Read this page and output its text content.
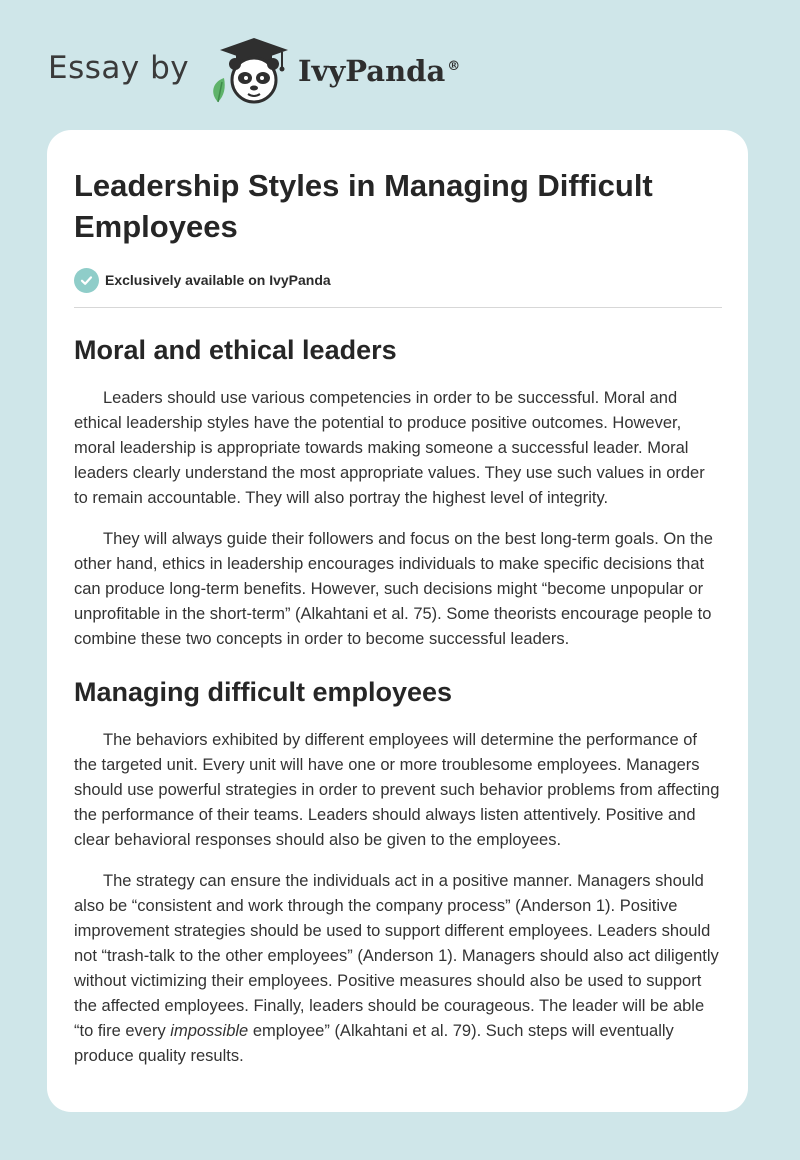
Essay by	IvyPanda ®
Leadership Styles in Managing Difficult Employees
Exclusively available on IvyPanda
Moral and ethical leaders

Leaders should use various competencies in order to be successful. Moral and ethical leadership styles have the potential to produce positive outcomes. However, moral leadership is appropriate towards making someone a successful leader. Moral leaders clearly understand the most appropriate values. They use such values in order to remain accountable. They will also portray the highest level of integrity.

They will always guide their followers and focus on the best long-term goals. On the other hand, ethics in leadership encourages individuals to make specific decisions that can produce long-term benefits. However, such decisions might “become unpopular or unprofitable in the short-term” (Alkahtani et al. 75). Some theorists encourage people to combine these two concepts in order to become successful leaders.

Managing difficult employees

The behaviors exhibited by different employees will determine the performance of the targeted unit. Every unit will have one or more troublesome employees. Managers should use powerful strategies in order to prevent such behavior problems from affecting the performance of their teams. Leaders should always listen attentively. Positive and clear behavioral responses should also be given to the employees.

The strategy can ensure the individuals act in a positive manner. Managers should also be “consistent and work through the company process” (Anderson 1). Positive improvement strategies should be used to support different employees. Leaders should not “trash-talk to the other employees” (Anderson 1). Managers should also act diligently without victimizing their employees. Positive measures should also be used to support the affected employees. Finally, leaders should be courageous. The leader will be able “to fire every impossible employee” (Alkahtani et al. 79). Such steps will eventually produce quality results.
